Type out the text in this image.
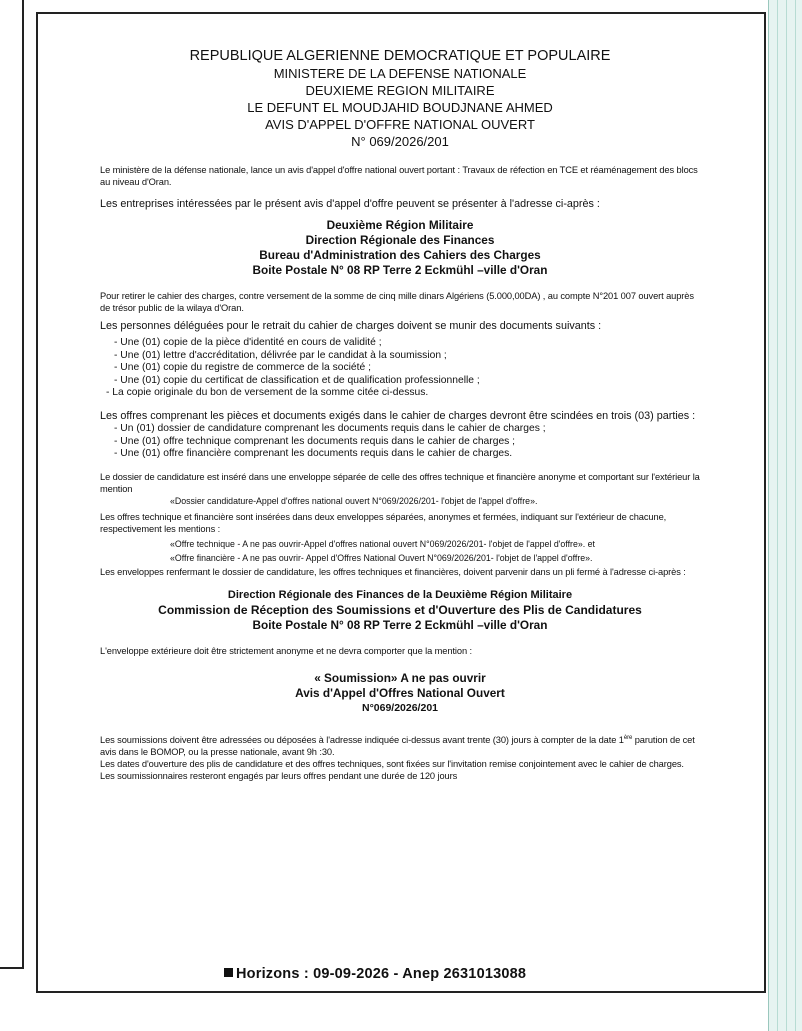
REPUBLIQUE ALGERIENNE DEMOCRATIQUE ET POPULAIRE
MINISTERE DE LA DEFENSE NATIONALE
DEUXIEME REGION MILITAIRE
LE DEFUNT EL MOUDJAHID BOUDJNANE AHMED
AVIS D'APPEL D'OFFRE NATIONAL OUVERT
N° 069/2026/201

Le ministère de la défense nationale, lance un avis d'appel d'offre national ouvert portant : Travaux de réfection en TCE et réaménagement des blocs au niveau d'Oran.

Les entreprises intéressées par le présent avis d'appel d'offre peuvent se présenter à l'adresse ci-après :

Deuxième Région Militaire
Direction Régionale des Finances
Bureau d'Administration des Cahiers des Charges
Boite Postale N° 08 RP Terre 2 Eckmühl –ville d'Oran

Pour retirer le cahier des charges, contre versement de la somme de cinq mille dinars Algériens (5.000,00DA) , au compte N°201 007 ouvert auprès de trésor public de la wilaya d'Oran.

Les personnes déléguées pour le retrait du cahier de charges doivent se munir des documents suivants :

- Une (01) copie de la pièce d'identité en cours de validité ;
- Une (01) lettre d'accréditation, délivrée par le candidat à la soumission ;
- Une (01) copie du registre de commerce de la société ;
- Une (01) copie du certificat de classification et de qualification professionnelle ;
- La copie originale du bon de versement de la somme citée ci-dessus.

Les offres comprenant les pièces et documents exigés dans le cahier de charges devront être scindées en trois (03) parties :

- Un (01) dossier de candidature comprenant les documents requis dans le cahier de charges ;
- Une (01) offre technique comprenant les documents requis dans le cahier de charges ;
- Une (01) offre financière comprenant les documents requis dans le cahier de charges.

Le dossier de candidature est inséré dans une enveloppe séparée de celle des offres technique et financière anonyme et comportant sur l'extérieur la mention

«Dossier candidature-Appel d'offres national ouvert N°069/2026/201- l'objet de l'appel d'offre».

Les offres technique et financière sont insérées dans deux enveloppes séparées, anonymes et fermées, indiquant sur l'extérieur de chacune, respectivement les mentions :

«Offre technique - A ne pas ouvrir-Appel d'offres national ouvert N°069/2026/201- l'objet de l'appel d'offre». et

«Offre financière - A ne pas ouvrir- Appel d'Offres National Ouvert N°069/2026/201- l'objet de l'appel d'offre».

Les enveloppes renfermant le dossier de candidature, les offres techniques et financières, doivent parvenir dans un pli fermé à l'adresse ci-après :

Direction Régionale des Finances de la Deuxième Région Militaire
Commission de Réception des Soumissions et d'Ouverture des Plis de Candidatures
Boite Postale N° 08 RP Terre 2 Eckmühl –ville d'Oran

L'enveloppe extérieure doit être strictement anonyme et ne devra comporter que la mention :

« Soumission» A ne pas ouvrir
Avis d'Appel d'Offres National Ouvert
N°069/2026/201

Les soumissions doivent être adressées ou déposées à l'adresse indiquée ci-dessus avant trente (30) jours à compter de la date 1ère parution de cet avis dans le BOMOP, ou la presse nationale, avant 9h :30.

Les dates d'ouverture des plis de candidature et des offres techniques, sont fixées sur l'invitation remise conjointement avec le cahier de charges.

Les soumissionnaires resteront engagés par leurs offres pendant une durée de 120 jours

Horizons : 09-09-2026 - Anep 2631013088
